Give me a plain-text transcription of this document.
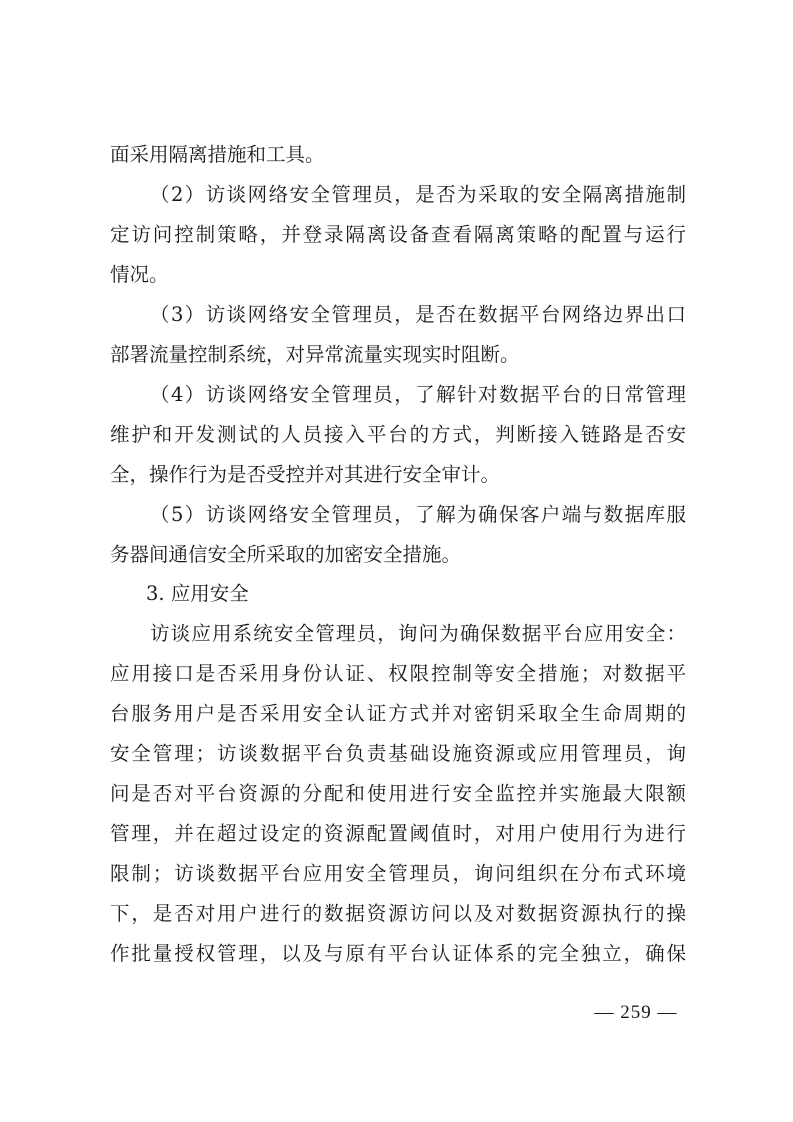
面采用隔离措施和工具。
（2）访谈网络安全管理员，是否为采取的安全隔离措施制
定访问控制策略，并登录隔离设备查看隔离策略的配置与运行
情况。
（3）访谈网络安全管理员，是否在数据平台网络边界出口
部署流量控制系统，对异常流量实现实时阻断。
（4）访谈网络安全管理员，了解针对数据平台的日常管理
维护和开发测试的人员接入平台的方式，判断接入链路是否安
全，操作行为是否受控并对其进行安全审计。
（5）访谈网络安全管理员，了解为确保客户端与数据库服
务器间通信安全所采取的加密安全措施。
3. 应用安全
访谈应用系统安全管理员，询问为确保数据平台应用安全：
应用接口是否采用身份认证、权限控制等安全措施；对数据平
台服务用户是否采用安全认证方式并对密钥采取全生命周期的
安全管理；访谈数据平台负责基础设施资源或应用管理员，询
问是否对平台资源的分配和使用进行安全监控并实施最大限额
管理，并在超过设定的资源配置阈值时，对用户使用行为进行
限制；访谈数据平台应用安全管理员，询问组织在分布式环境
下，是否对用户进行的数据资源访问以及对数据资源执行的操
作批量授权管理，以及与原有平台认证体系的完全独立，确保
— 259 —
